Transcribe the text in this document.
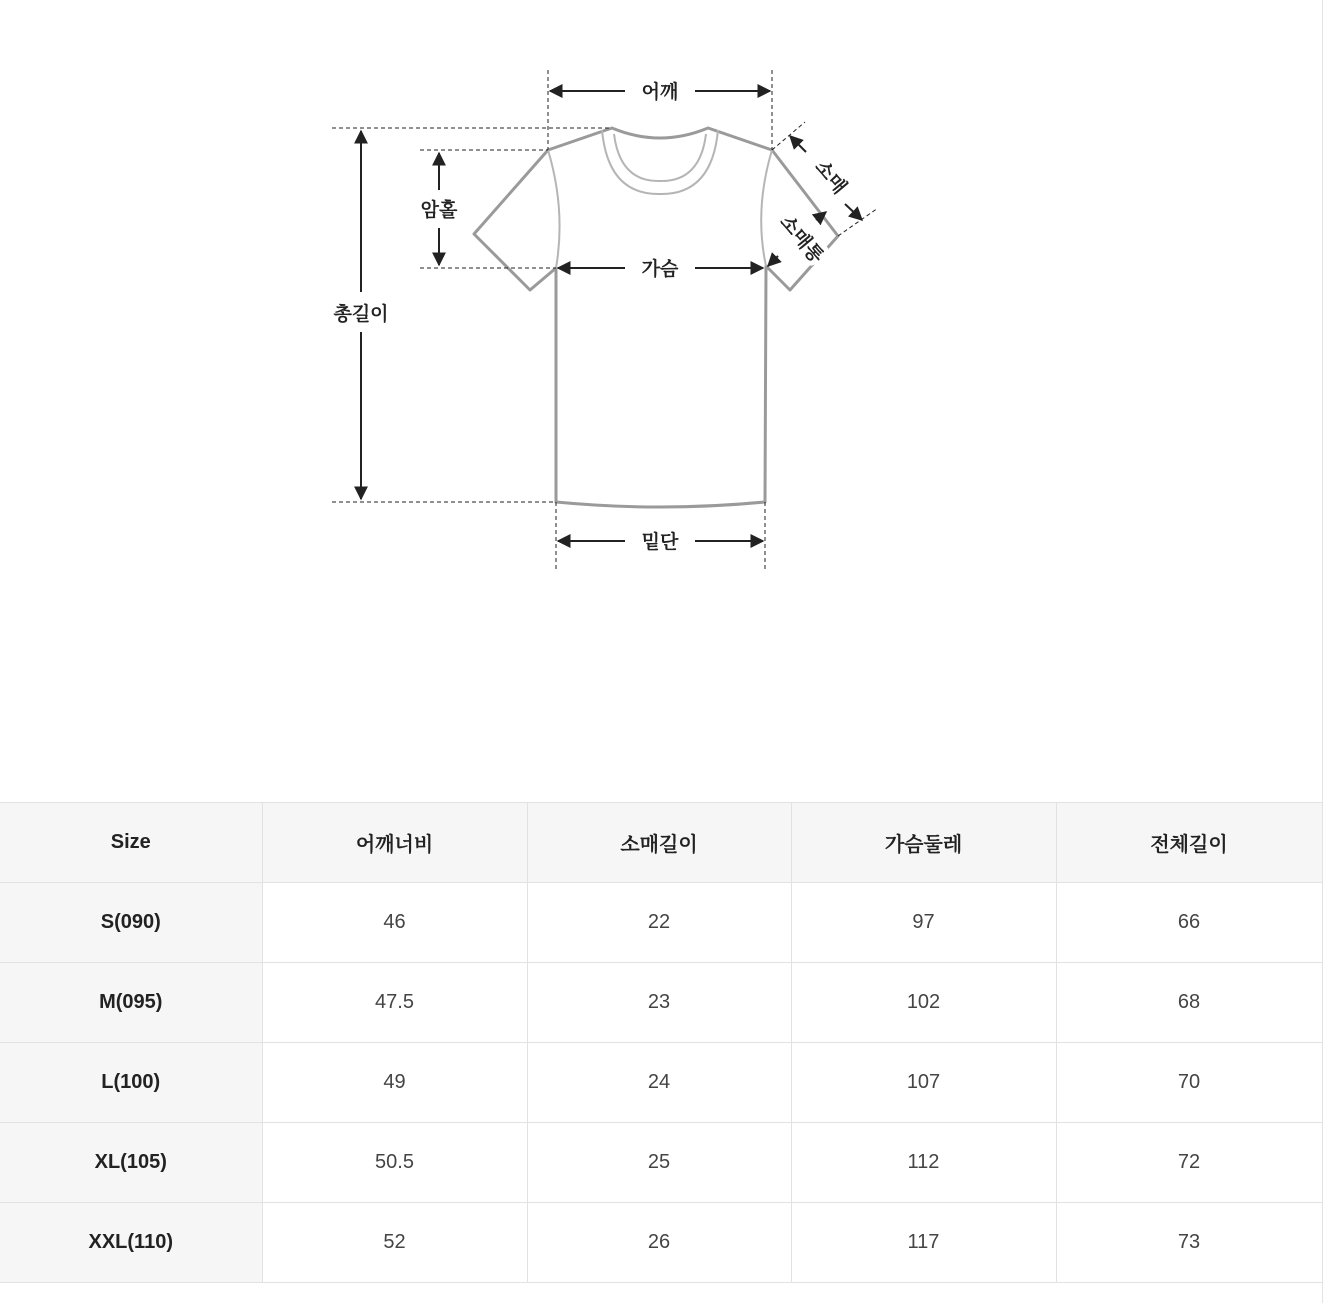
어깨
가슴
밑단
총길이
암홀
소매
소매통
Size	어깨너비	소매길이	가슴둘레	전체길이
S(090)	46	22	97	66
M(095)	47.5	23	102	68
L(100)	49	24	107	70
XL(105)	50.5	25	112	72
XXL(110)	52	26	117	73
